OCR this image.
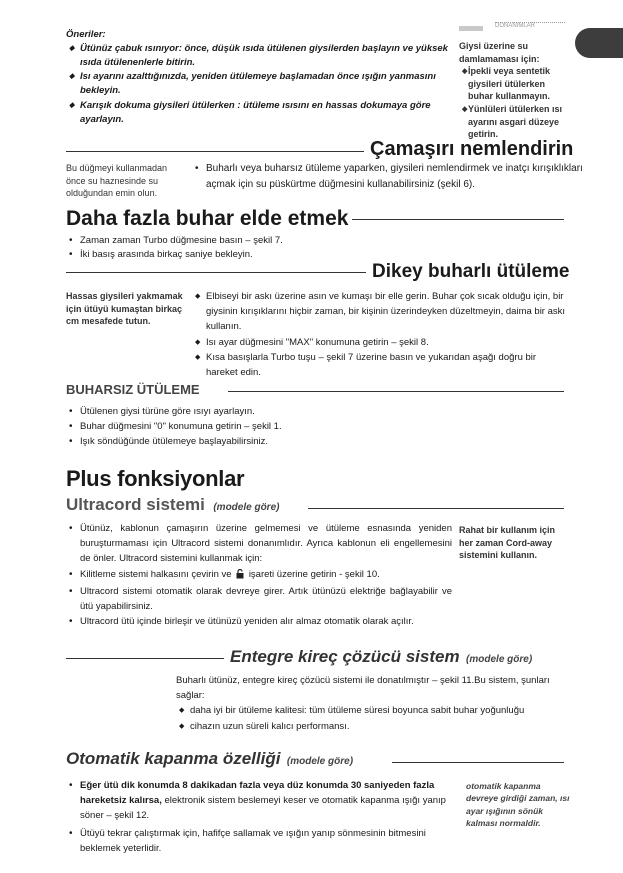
DONANIMLAR
Öneriler:
◆ Ütünüz çabuk ısınıyor: önce, düşük ısıda ütülenen giysilerden başlayın ve yüksek ısıda ütülenenlerle bitirin.
◆ Isı ayarını azalttığınızda, yeniden ütülemeye başlamadan önce ışığın yanmasını bekleyin.
◆ Karışık dokuma giysileri ütülerken : ütüleme ısısını en hassas dokumaya göre ayarlayın.
Giysi üzerine su damlamaması için:
◆ İpekli veya sentetik giysileri ütülerken buhar kullanmayın.
◆ Yünlüleri ütülerken ısı ayarını asgari düzeye getirin.
Çamaşırı nemlendirin
Bu düğmeyi kullanmadan önce su haznesinde su olduğundan emin olun.
• Buharlı veya buharsız ütüleme yaparken, giysileri nemlendirmek ve inatçı kırışıklıkları açmak için su püskürtme düğmesini kullanabilirsiniz (şekil 6).
Daha fazla buhar elde etmek
• Zaman zaman Turbo düğmesine basın – şekil 7.
• İki basış arasında birkaç saniye bekleyin.
Dikey buharlı ütüleme
Hassas giysileri yakmamak için ütüyü kumaştan birkaç cm mesafede tutun.
◆ Elbiseyi bir askı üzerine asın ve kumaşı bir elle gerin. Buhar çok sıcak olduğu için, bir giysinin kırışıklarını hiçbir zaman, bir kişinin üzerindeyken düzeltmeyin, daima bir askı kullanın.
◆ Isı ayar düğmesini "MAX" konumuna getirin – şekil 8.
◆ Kısa basışlarla Turbo tuşu – şekil 7 üzerine basın ve yukarıdan aşağı doğru bir hareket edin.
BUHARSIZ ÜTÜLEME
• Ütülenen giysi türüne göre ısıyı ayarlayın.
• Buhar düğmesini "0" konumuna getirin – şekil 1.
• Işık söndüğünde ütülemeye başlayabilirsiniz.
Plus fonksiyonlar
Ultracord sistemi (modele göre)
• Ütünüz, kablonun çamaşırın üzerine gelmemesi ve ütüleme esnasında yeniden buruşturmaması için Ultracord sistemi donanımlıdır. Ayrıca kablonun eli engellemesini de önler. Ultracord sistemini kullanmak için:
• Kilitleme sistemi halkasını çevirin ve işareti üzerine getirin - şekil 10.
• Ultracord sistemi otomatik olarak devreye girer. Artık ütünüzü elektriğe bağlayabilir ve ütü yapabilirsiniz.
• Ultracord ütü içinde birleşir ve ütünüzü yeniden alır almaz otomatik olarak açılır.
Rahat bir kullanım için her zaman Cord-away sistemini kullanın.
Entegre kireç çözücü sistem (modele göre)
Buharlı ütünüz, entegre kireç çözücü sistemi ile donatılmıştır – şekil 11.Bu sistem, şunları sağlar:
◆ daha iyi bir ütüleme kalitesi: tüm ütüleme süresi boyunca sabit buhar yoğunluğu
◆ cihazın uzun süreli kalıcı performansı.
Otomatik kapanma özelliği (modele göre)
• Eğer ütü dik konumda 8 dakikadan fazla veya düz konumda 30 saniyeden fazla hareketsiz kalırsa, elektronik sistem beslemeyi keser ve otomatik kapanma ışığı yanıp söner – şekil 12.
• Ütüyü tekrar çalıştırmak için, hafifçe sallamak ve ışığın yanıp sönmesinin bitmesini beklemek yeterlidir.
otomatik kapanma devreye girdiği zaman, ısı ayar ışığının sönük kalması normaldir.
